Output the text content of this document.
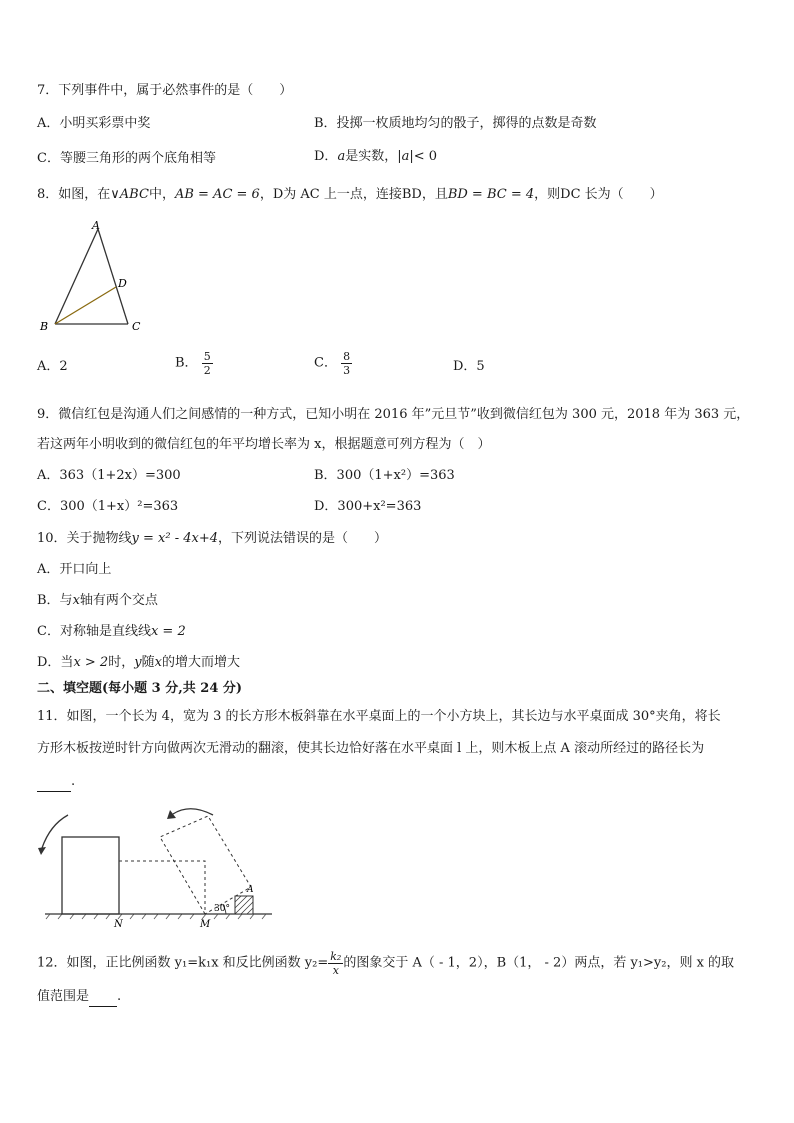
7．下列事件中，属于必然事件的是（　　）
A．小明买彩票中奖	B．投掷一枚质地均匀的骰子，掷得的点数是奇数
C．等腰三角形的两个底角相等	D．a是实数，|a|< 0
8．如图，在∨ABC中，AB = AC = 6，D为 AC 上一点，连接BD，且BD = BC = 4，则DC 长为（　　）
A
B	C
D
A．2	B． $\frac{5}{2}$	C． $\frac{8}{3}$	D．5
9．微信红包是沟通人们之间感情的一种方式，已知小明在 2016 年”元旦节”收到微信红包为 300 元，2018 年为 363 元，
若这两年小明收到的微信红包的年平均增长率为 x，根据题意可列方程为（　）
A．363（1+2x）=300	B．300（1+x²）=363
C．300（1+x）²=363	D．300+x²=363
10．关于抛物线y = x² - 4x+4，下列说法错误的是（　　）
A．开口向上
B．与x轴有两个交点
C．对称轴是直线线x = 2
D．当x > 2时，y随x的增大而增大
二、填空题(每小题 3 分,共 24 分)
11．如图，一个长为 4，宽为 3 的长方形木板斜靠在水平桌面上的一个小方块上，其长边与水平桌面成 30°夹角，将长
方形木板按逆时针方向做两次无滑动的翻滚，使其长边恰好落在水平桌面 l 上，则木板上点 A 滚动所经过的路径长为
.
N	M
A
30°
12．如图，正比例函数 y₁=k₁x 和反比例函数 $y_2= \frac{\text{k₂}}{x}$ 的图象交于 A（ - 1，2），B（1， - 2）两点，若 y₁>y₂，则 x 的取
值范围是 .
